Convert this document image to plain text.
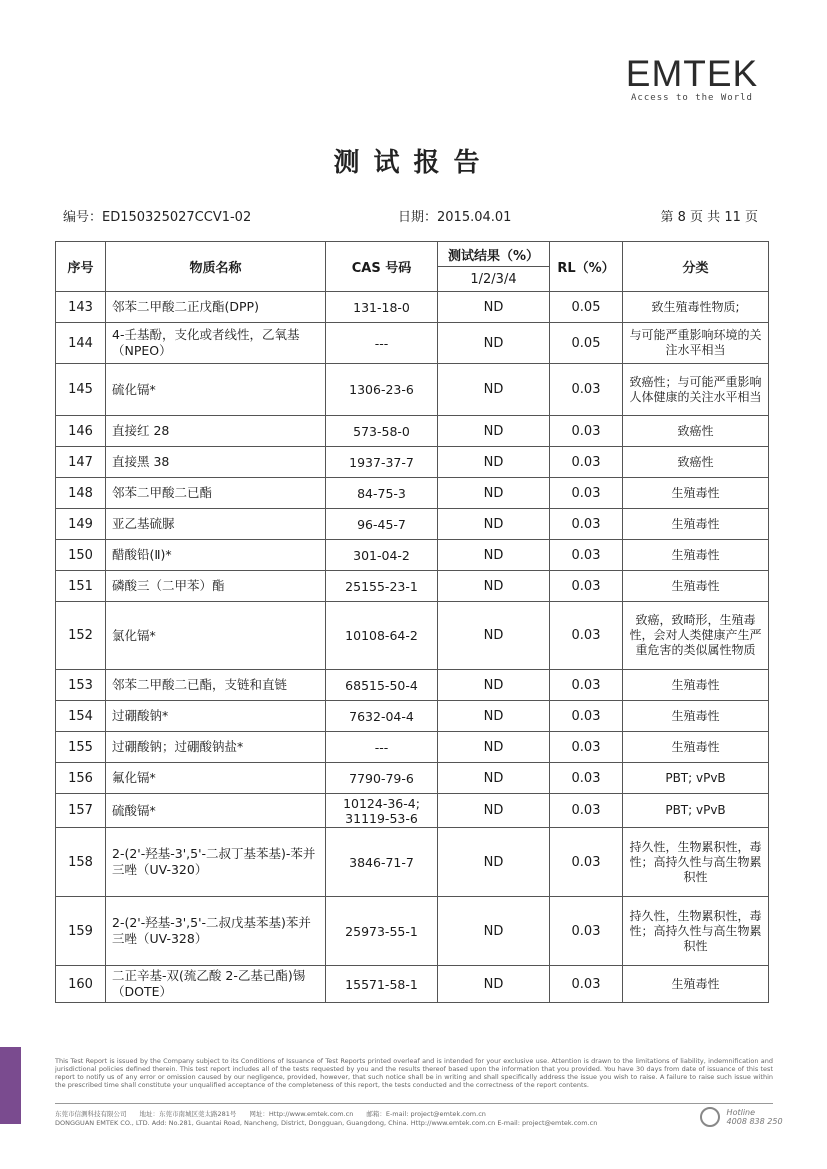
EMTEK
Access to the World
测试报告
编号：ED150325027CCV1-02	日期：2015.04.01	第 8 页 共 11 页
序号	物质名称	CAS 号码	测试结果（%）	RL（%）	分类
			1/2/3/4		
143	邻苯二甲酸二正戊酯(DPP)	131-18-0	ND	0.05	致生殖毒性物质;
144	4-壬基酚，支化或者线性，乙氧基（NPEO）	---	ND	0.05	与可能严重影响环境的关注水平相当
145	硫化镉*	1306-23-6	ND	0.03	致癌性；与可能严重影响人体健康的关注水平相当
146	直接红 28	573-58-0	ND	0.03	致癌性
147	直接黑 38	1937-37-7	ND	0.03	致癌性
148	邻苯二甲酸二已酯	84-75-3	ND	0.03	生殖毒性
149	亚乙基硫脲	96-45-7	ND	0.03	生殖毒性
150	醋酸铅(Ⅱ)*	301-04-2	ND	0.03	生殖毒性
151	磷酸三（二甲苯）酯	25155-23-1	ND	0.03	生殖毒性
152	氯化镉*	10108-64-2	ND	0.03	致癌，致畸形，生殖毒性，会对人类健康产生严重危害的类似属性物质
153	邻苯二甲酸二已酯，支链和直链	68515-50-4	ND	0.03	生殖毒性
154	过硼酸钠*	7632-04-4	ND	0.03	生殖毒性
155	过硼酸钠；过硼酸钠盐*	---	ND	0.03	生殖毒性
156	氟化镉*	7790-79-6	ND	0.03	PBT; vPvB
157	硫酸镉*	10124-36-4; 31119-53-6	ND	0.03	PBT; vPvB
158	2-(2'-羟基-3',5'-二叔丁基苯基)-苯并三唑（UV-320）	3846-71-7	ND	0.03	持久性，生物累积性，毒性；高持久性与高生物累积性
159	2-(2'-羟基-3',5'-二叔戊基苯基)苯并三唑（UV-328）	25973-55-1	ND	0.03	持久性，生物累积性，毒性；高持久性与高生物累积性
160	二正辛基-双(巯乙酸 2-乙基己酯)锡（DOTE）	15571-58-1	ND	0.03	生殖毒性
This Test Report is issued by the Company subject to its Conditions of Issuance of Test Reports printed overleaf and is intended for your exclusive use. Attention is drawn to the limitations of liability, indemnification and jurisdictional policies defined therein. This test report includes all of the tests requested by you and the results thereof based upon the information that you provided. You have 30 days from date of issuance of this test report to notify us of any error or omission caused by our negligence, provided, however, that such notice shall be in writing and shall specifically address the issue you wish to raise. A failure to raise such issue within the prescribed time shall constitute your unqualified acceptance of the completeness of this report, the tests conducted and the correctness of the report contents.
东莞市信测科技有限公司　　地址：东莞市南城区莞太路281号　　网址：Http://www.emtek.com.cn　　邮箱：E-mail: project@emtek.com.cn
DONGGUAN EMTEK CO., LTD. Add: No.281, Guantai Road, Nancheng, District, Dongguan, Guangdong, China. Http://www.emtek.com.cn E-mail: project@emtek.com.cn
Hotline
4008 838 250
